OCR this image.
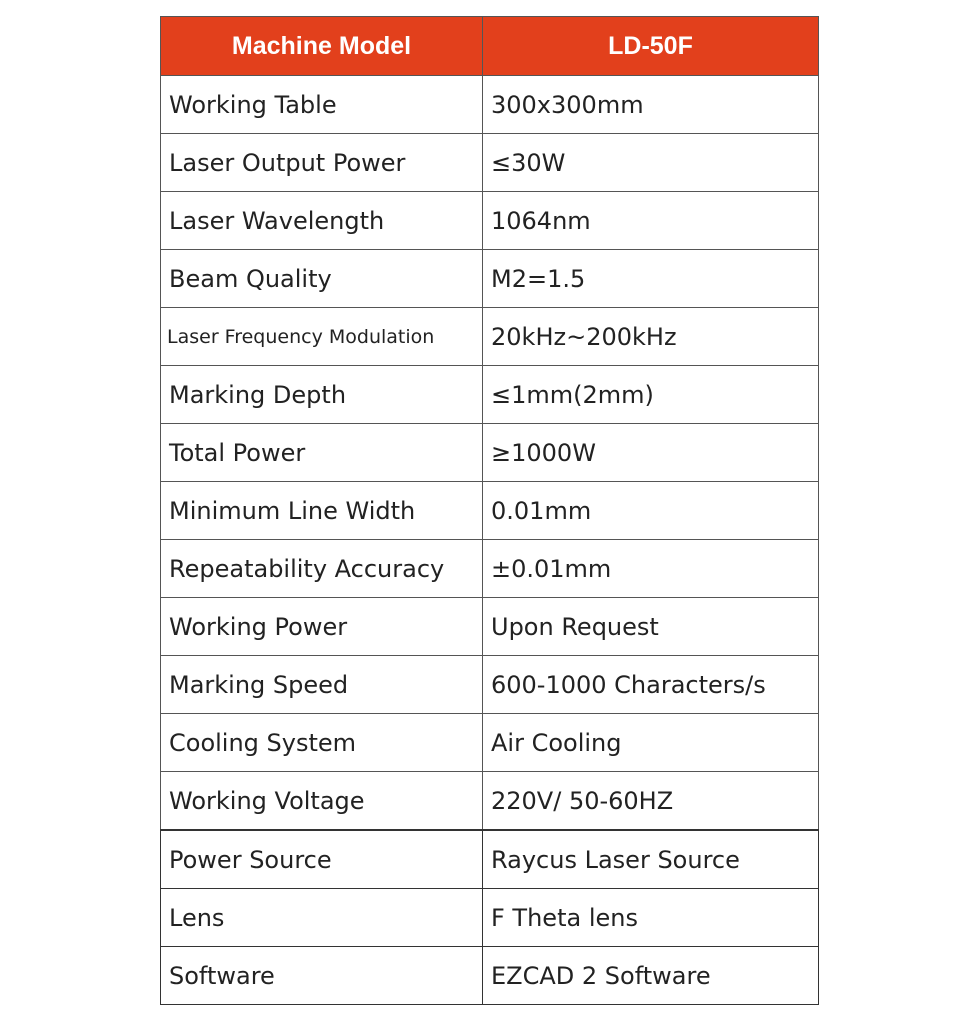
Machine Model	LD-50F
Working Table	300x300mm
Laser Output Power	≤30W
Laser Wavelength	1064nm
Beam Quality	M2=1.5
Laser Frequency Modulation	20kHz~200kHz
Marking Depth	≤1mm(2mm)
Total Power	≥1000W
Minimum Line Width	0.01mm
Repeatability Accuracy	±0.01mm
Working Power	Upon Request
Marking Speed	600-1000 Characters/s
Cooling System	Air Cooling
Working Voltage	220V/ 50-60HZ
Power Source	Raycus Laser Source
Lens	F Theta lens
Software	EZCAD 2 Software
